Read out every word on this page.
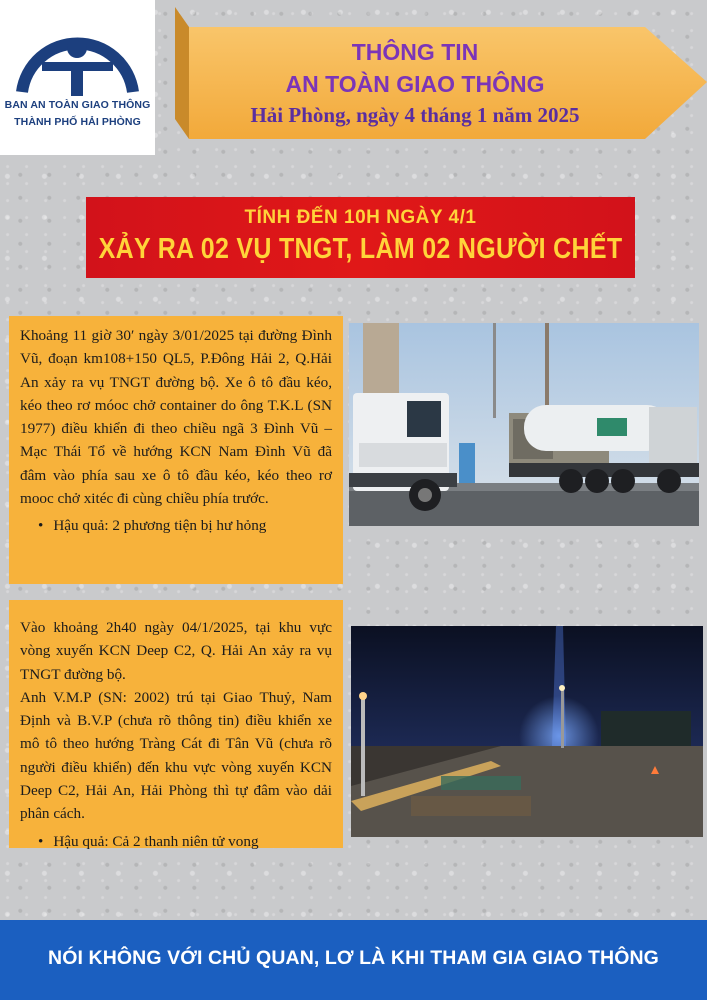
BAN AN TOÀN GIAO THÔNG
THÀNH PHỐ HẢI PHÒNG
THÔNG TIN
AN TOÀN GIAO THÔNG
Hải Phòng, ngày 4 tháng 1 năm 2025
TÍNH ĐẾN 10H NGÀY 4/1
XẢY RA 02 VỤ TNGT, LÀM 02 NGƯỜI CHẾT

Khoảng 11 giờ 30′ ngày 3/01/2025 tại đường Đình Vũ, đoạn km108+150 QL5, P.Đông Hải 2, Q.Hải An xảy ra vụ TNGT đường bộ. Xe ô tô đầu kéo, kéo theo rơ móoc chở container do ông T.K.L (SN 1977) điều khiển đi theo chiều ngã 3 Đình Vũ – Mạc Thái Tổ về hướng KCN Nam Đình Vũ đã đâm vào phía sau xe ô tô đầu kéo, kéo theo rơ mooc chở xitéc đi cùng chiều phía trước.

• Hậu quả: 2 phương tiện bị hư hỏng

Vào khoảng 2h40 ngày 04/1/2025, tại khu vực vòng xuyến KCN Deep C2, Q. Hải An xảy ra vụ TNGT đường bộ.

Anh V.M.P (SN: 2002) trú tại Giao Thuỷ, Nam Định và B.V.P (chưa rõ thông tin) điều khiển xe mô tô theo hướng Tràng Cát đi Tân Vũ (chưa rõ người điều khiển) đến khu vực vòng xuyến KCN Deep C2, Hải An, Hải Phòng thì tự đâm vào dải phân cách.

• Hậu quả: Cả 2 thanh niên tử vong
NÓI KHÔNG VỚI CHỦ QUAN, LƠ LÀ KHI THAM GIA GIAO THÔNG
